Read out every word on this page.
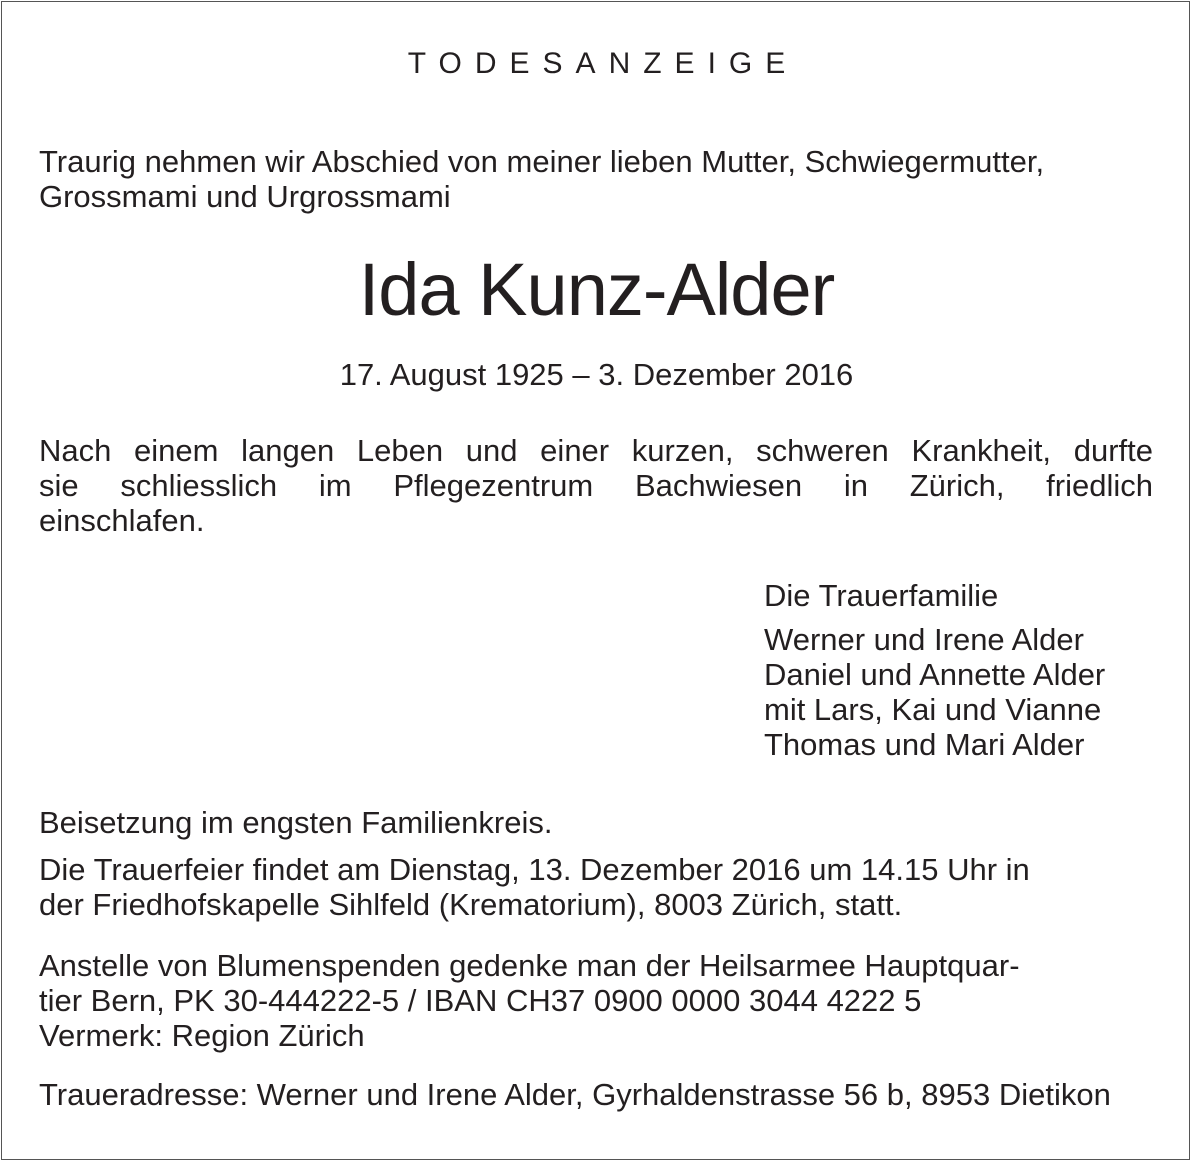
TODESANZEIGE
Traurig nehmen wir Abschied von meiner lieben Mutter, Schwiegermutter,
Grossmami und Urgrossmami
Ida Kunz-Alder
17. August 1925 – 3. Dezember 2016
Nach einem langen Leben und einer kurzen, schweren Krankheit, durfte
sie schliesslich im Pflegezentrum Bachwiesen in Zürich, friedlich
einschlafen.
Die Trauerfamilie
Werner und Irene Alder
Daniel und Annette Alder
mit Lars, Kai und Vianne
Thomas und Mari Alder
Beisetzung im engsten Familienkreis.
Die Trauerfeier findet am Dienstag, 13. Dezember 2016 um 14.15 Uhr in
der Friedhofskapelle Sihlfeld (Krematorium), 8003 Zürich, statt.
Anstelle von Blumenspenden gedenke man der Heilsarmee Hauptquar-
tier Bern, PK 30-444222-5 / IBAN CH37 0900 0000 3044 4222 5
Vermerk: Region Zürich
Traueradresse: Werner und Irene Alder, Gyrhaldenstrasse 56 b, 8953 Dietikon
